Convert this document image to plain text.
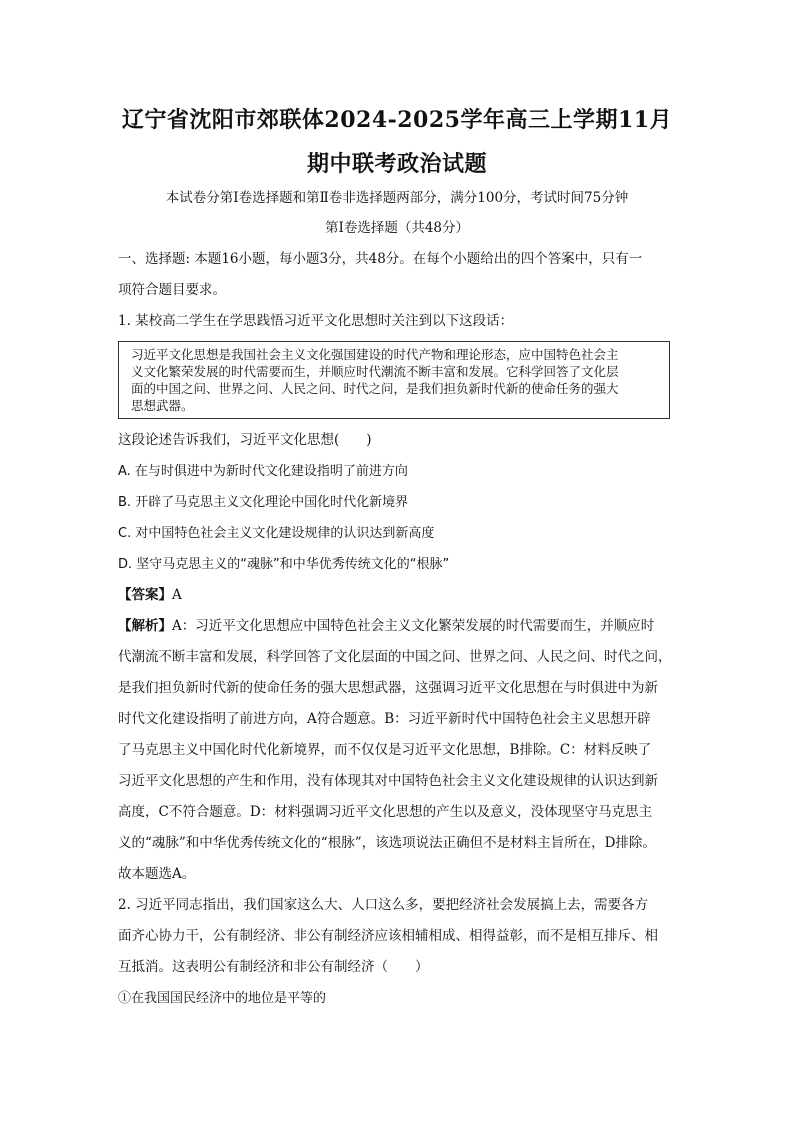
辽宁省沈阳市郊联体2024-2025学年高三上学期11月
期中联考政治试题
本试卷分第Ⅰ卷选择题和第Ⅱ卷非选择题两部分，满分100分，考试时间75分钟
第Ⅰ卷选择题（共48分）

一、选择题: 本题16小题，每小题3分，共48分。在每个小题给出的四个答案中，只有一

项符合题目要求。

1. 某校高二学生在学思践悟习近平文化思想时关注到以下这段话：

习近平文化思想是我国社会主义文化强国建设的时代产物和理论形态，应中国特色社会主
义文化繁荣发展的时代需要而生，并顺应时代潮流不断丰富和发展。它科学回答了文化层
面的中国之问、世界之问、人民之问、时代之问，是我们担负新时代新的使命任务的强大
思想武器。

这段论述告诉我们，习近平文化思想(　　)

A. 在与时俱进中为新时代文化建设指明了前进方向

B. 开辟了马克思主义文化理论中国化时代化新境界

C. 对中国特色社会主义文化建设规律的认识达到新高度

D. 坚守马克思主义的“魂脉”和中华优秀传统文化的“根脉”

【答案】A

【解析】A：习近平文化思想应中国特色社会主义文化繁荣发展的时代需要而生，并顺应时

代潮流不断丰富和发展，科学回答了文化层面的中国之问、世界之问、人民之问、时代之问，

是我们担负新时代新的使命任务的强大思想武器，这强调习近平文化思想在与时俱进中为新

时代文化建设指明了前进方向，A符合题意。B：习近平新时代中国特色社会主义思想开辟

了马克思主义中国化时代化新境界，而不仅仅是习近平文化思想，B排除。C：材料反映了

习近平文化思想的产生和作用，没有体现其对中国特色社会主义文化建设规律的认识达到新

高度，C不符合题意。D：材料强调习近平文化思想的产生以及意义，没体现坚守马克思主

义的“魂脉”和中华优秀传统文化的“根脉”，该选项说法正确但不是材料主旨所在，D排除。

故本题选A。

2. 习近平同志指出，我们国家这么大、人口这么多，要把经济社会发展搞上去，需要各方

面齐心协力干，公有制经济、非公有制经济应该相辅相成、相得益彰，而不是相互排斥、相

互抵消。这表明公有制经济和非公有制经济（　　）

①在我国国民经济中的地位是平等的
